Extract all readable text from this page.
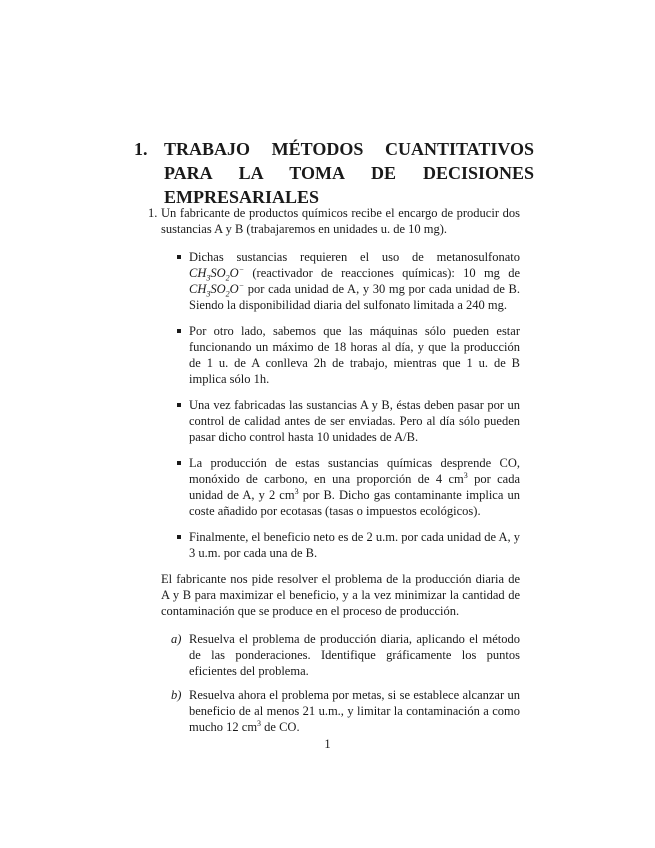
1. TRABAJO MÉTODOS CUANTITATIVOS PARA LA TOMA DE DECISIONES EMPRESARIALES
1. Un fabricante de productos químicos recibe el encargo de producir dos sustancias A y B (trabajaremos en unidades u. de 10 mg).
Dichas sustancias requieren el uso de metanosulfonato $CH_3SO_2O^-$ (reactivador de reacciones químicas): 10 mg de $CH_3SO_2O^-$ por cada unidad de A, y 30 mg por cada unidad de B. Siendo la disponibilidad diaria del sulfonato limitada a 240 mg.
Por otro lado, sabemos que las máquinas sólo pueden estar funcionando un máximo de 18 horas al día, y que la producción de 1 u. de A conlleva 2h de trabajo, mientras que 1 u. de B implica sólo 1h.
Una vez fabricadas las sustancias A y B, éstas deben pasar por un control de calidad antes de ser enviadas. Pero al día sólo pueden pasar dicho control hasta 10 unidades de A/B.
La producción de estas sustancias químicas desprende CO, monóxido de carbono, en una proporción de 4 $cm^3$ por cada unidad de A, y 2 $cm^3$ por B. Dicho gas contaminante implica un coste añadido por ecotasas (tasas o impuestos ecológicos).
Finalmente, el beneficio neto es de 2 u.m. por cada unidad de A, y 3 u.m. por cada una de B.
El fabricante nos pide resolver el problema de la producción diaria de A y B para maximizar el beneficio, y a la vez minimizar la cantidad de contaminación que se produce en el proceso de producción.
a) Resuelva el problema de producción diaria, aplicando el método de las ponderaciones. Identifique gráficamente los puntos eficientes del problema.
b) Resuelva ahora el problema por metas, si se establece alcanzar un beneficio de al menos 21 u.m., y limitar la contaminación a como mucho 12 $cm^3$ de CO.
1
